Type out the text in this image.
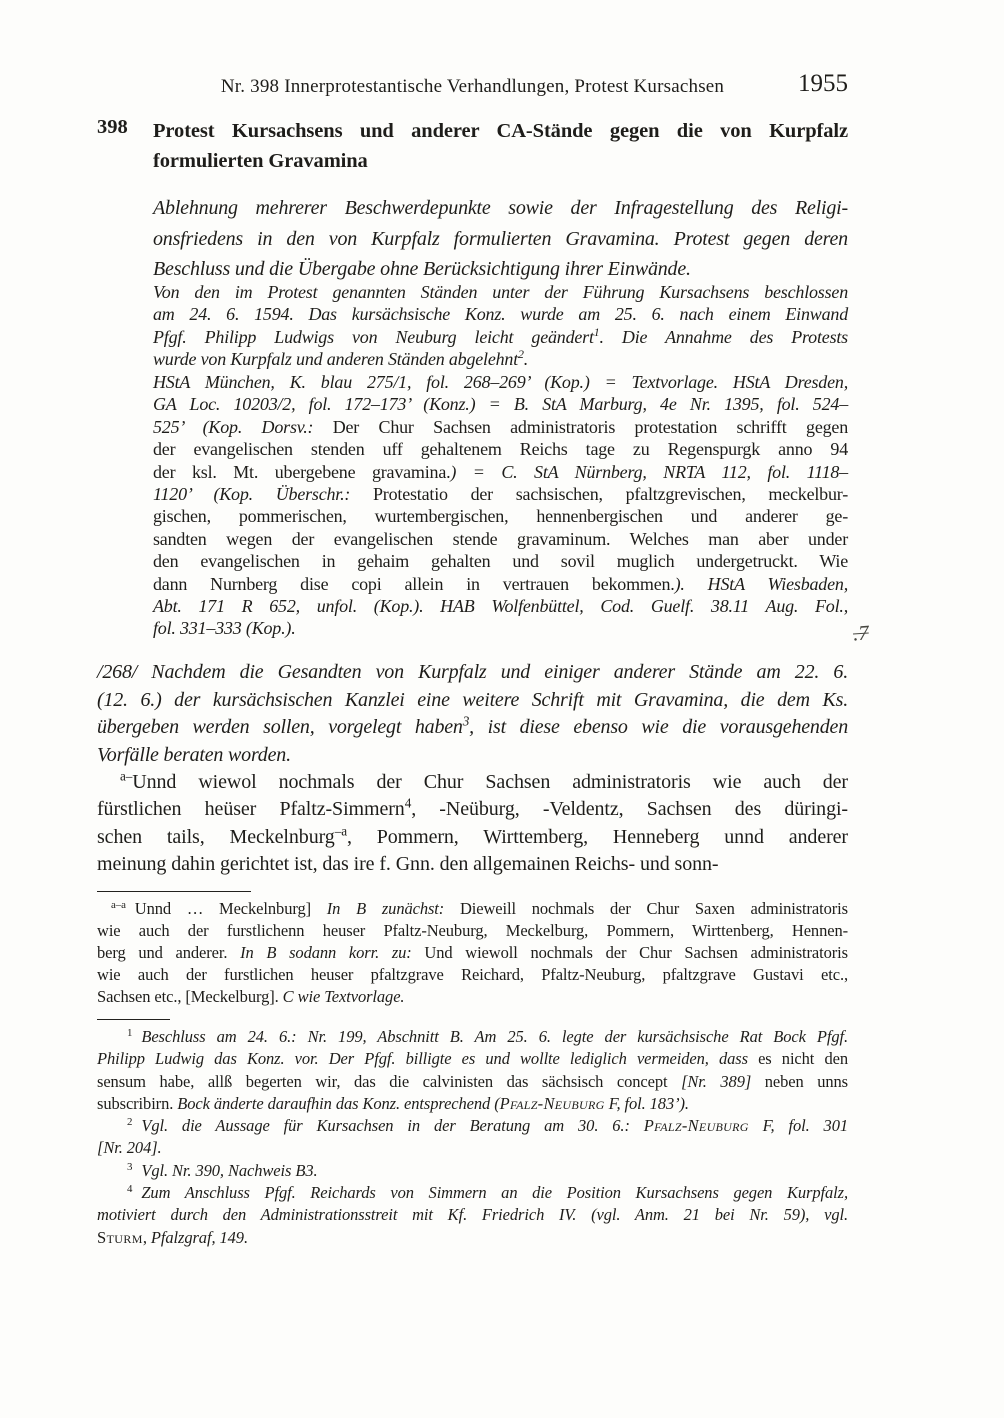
Nr. 398 Innerprotestantische Verhandlungen, Protest Kursachsen	1955
398 Protest Kursachsens und anderer CA-Stände gegen die von Kurpfalz
formulierten Gravamina
Ablehnung mehrerer Beschwerdepunkte sowie der Infragestellung des Religi-
onsfriedens in den von Kurpfalz formulierten Gravamina. Protest gegen deren
Beschluss und die Übergabe ohne Berücksichtigung ihrer Einwände.
Von den im Protest genannten Ständen unter der Führung Kursachsens beschlossen
am 24. 6. 1594. Das kursächsische Konz. wurde am 25. 6. nach einem Einwand
Pfgf. Philipp Ludwigs von Neuburg leicht geändert$^1$. Die Annahme des Protests
wurde von Kurpfalz und anderen Ständen abgelehnt$^2$.
HStA München, K. blau 275/1, fol. 268–269’ (Kop.) = Textvorlage. HStA Dresden,
GA Loc. 10203/2, fol. 172–173’ (Konz.) = B. StA Marburg, 4e Nr. 1395, fol. 524–
525’ (Kop. Dorsv.: Der Chur Sachsen administratoris protestation schrifft gegen
der evangelischen stenden uff gehaltenem Reichs tage zu Regenspurgk anno 94
der ksl. Mt. ubergebene gravamina.) = C. StA Nürnberg, NRTA 112, fol. 1118–
1120’ (Kop. Überschr.: Protestatio der sachsischen, pfaltzgrevischen, meckelbur-
gischen, pommerischen, wurtembergischen, hennenbergischen und anderer ge-
sandten wegen der evangelischen stende gravaminum. Welches man aber under
den evangelischen in gehaim gehalten und sovil muglich undergetruckt. Wie
dann Nurnberg dise copi allein in vertrauen bekommen.). HStA Wiesbaden,
Abt. 171 R 652, unfol. (Kop.). HAB Wolfenbüttel, Cod. Guelf. 38.11 Aug. Fol.,
fol. 331–333 (Kop.).	.7
/268/ Nachdem die Gesandten von Kurpfalz und einiger anderer Stände am 22. 6.
(12. 6.) der kursächsischen Kanzlei eine weitere Schrift mit Gravamina, die dem Ks.
übergeben werden sollen, vorgelegt haben$^3$, ist diese ebenso wie die vorausgehenden
Vorfälle beraten worden.
$^{a-}$Unnd wiewol nochmals der Chur Sachsen administratoris wie auch der
fürstlichen heüser Pfaltz-Simmern$^4$, -Neüburg, -Veldentz, Sachsen des düringi-
schen tails, Meckelnburg$^{-a}$, Pommern, Wirttemberg, Henneberg unnd anderer
meinung dahin gerichtet ist, das ire f. Gnn. den allgemainen Reichs- und sonn-
$^{a-a}$ Unnd … Meckelnburg] In B zunächst: Dieweill nochmals der Chur Saxen administratoris
wie auch der furstlichenn heuser Pfaltz-Neuburg, Meckelburg, Pommern, Wirttenberg, Hennen-
berg und anderer. In B sodann korr. zu: Und wiewoll nochmals der Chur Sachsen administratoris
wie auch der furstlichen heuser pfaltzgrave Reichard, Pfaltz-Neuburg, pfaltzgrave Gustavi etc.,
Sachsen etc., [Meckelburg]. C wie Textvorlage.
$^1$ Beschluss am 24. 6.: Nr. 199, Abschnitt B. Am 25. 6. legte der kursächsische Rat Bock Pfgf.
Philipp Ludwig das Konz. vor. Der Pfgf. billigte es und wollte lediglich vermeiden, dass es nicht den
sensum habe, allß begerten wir, das die calvinisten das sächsisch concept [Nr. 389] neben unns
subscribirn. Bock änderte daraufhin das Konz. entsprechend (Pfalz-Neuburg F, fol. 183’).
$^2$ Vgl. die Aussage für Kursachsen in der Beratung am 30. 6.: Pfalz-Neuburg F, fol. 301
[Nr. 204].
$^3$ Vgl. Nr. 390, Nachweis B3.
$^4$ Zum Anschluss Pfgf. Reichards von Simmern an die Position Kursachsens gegen Kurpfalz,
motiviert durch den Administrationsstreit mit Kf. Friedrich IV. (vgl. Anm. 21 bei Nr. 59), vgl.
Sturm, Pfalzgraf, 149.
